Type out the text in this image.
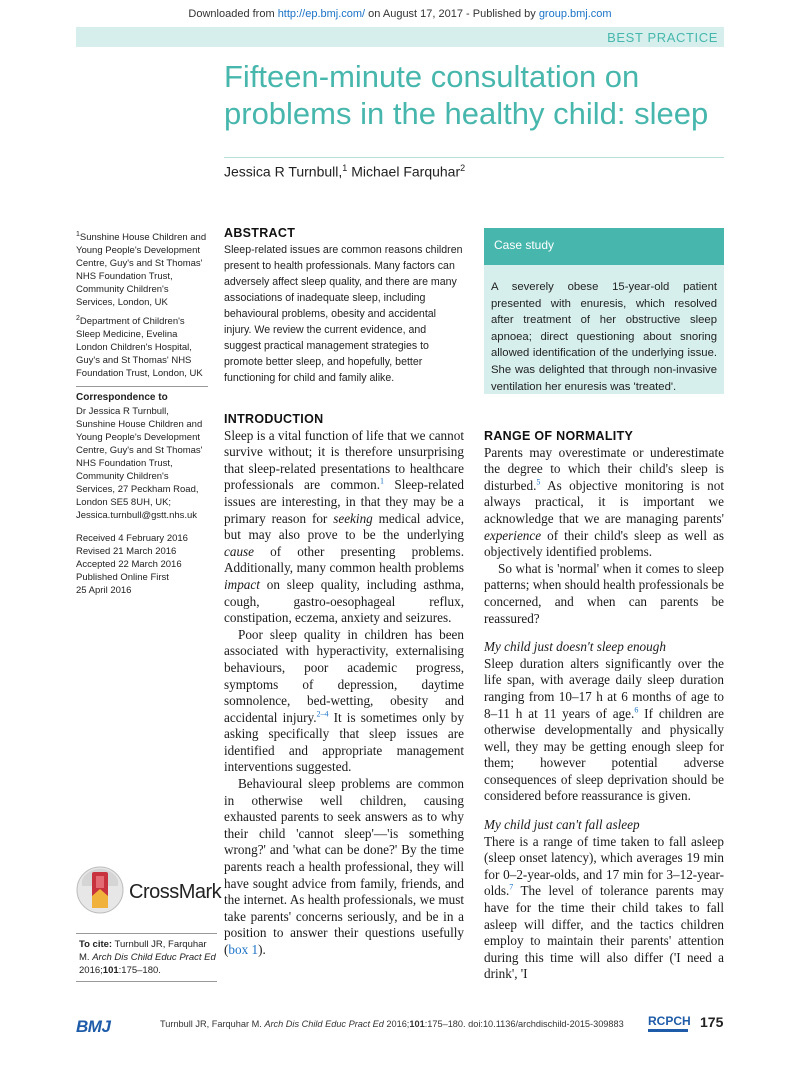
Downloaded from http://ep.bmj.com/ on August 17, 2017 - Published by group.bmj.com
BEST PRACTICE
Fifteen-minute consultation on problems in the healthy child: sleep
Jessica R Turnbull,$^1$ Michael Farquhar$^2$

$^1$Sunshine House Children and Young People's Development Centre, Guy's and St Thomas' NHS Foundation Trust, Community Children's Services, London, UK

$^2$Department of Children's Sleep Medicine, Evelina London Children's Hospital, Guy's and St Thomas' NHS Foundation Trust, London, UK

Correspondence to

Dr Jessica R Turnbull, Sunshine House Children and Young People's Development Centre, Guy's and St Thomas' NHS Foundation Trust, Community Children's Services, 27 Peckham Road, London SE5 8UH, UK; Jessica.turnbull@gstt.nhs.uk

Received 4 February 2016
Revised 21 March 2016
Accepted 22 March 2016
Published Online First
25 April 2016
CrossMark
To cite: Turnbull JR, Farquhar M. Arch Dis Child Educ Pract Ed 2016;101:175–180.
ABSTRACT
Sleep-related issues are common reasons children present to health professionals. Many factors can adversely affect sleep quality, and there are many associations of inadequate sleep, including behavioural problems, obesity and accidental injury. We review the current evidence, and suggest practical management strategies to promote better sleep, and hopefully, better functioning for child and family alike.
Case study
A severely obese 15-year-old patient presented with enuresis, which resolved after treatment of her obstructive sleep apnoea; direct questioning about snoring allowed identification of the underlying issue. She was delighted that through non-invasive ventilation her enuresis was 'treated'.
INTRODUCTION

Sleep is a vital function of life that we cannot survive without; it is therefore unsurprising that sleep-related presentations to healthcare professionals are common.$^1$ Sleep-related issues are interesting, in that they may be a primary reason for seeking medical advice, but may also prove to be the underlying cause of other presenting problems. Additionally, many common health problems impact on sleep quality, including asthma, cough, gastro-oesophageal reflux, constipation, eczema, anxiety and seizures.

Poor sleep quality in children has been associated with hyperactivity, externalising behaviours, poor academic progress, symptoms of depression, daytime somnolence, bed-wetting, obesity and accidental injury.$^{2-4}$ It is sometimes only by asking specifically that sleep issues are identified and appropriate management interventions suggested.

Behavioural sleep problems are common in otherwise well children, causing exhausted parents to seek answers as to why their child 'cannot sleep'—'is something wrong?' and 'what can be done?' By the time parents reach a health professional, they will have sought advice from family, friends, and the internet. As health professionals, we must take parents' concerns seriously, and be in a position to answer their questions usefully (box 1).

RANGE OF NORMALITY

Parents may overestimate or underestimate the degree to which their child's sleep is disturbed.$^5$ As objective monitoring is not always practical, it is important we acknowledge that we are managing parents' experience of their child's sleep as well as objectively identified problems.

So what is 'normal' when it comes to sleep patterns; when should health professionals be concerned, and when can parents be reassured?

My child just doesn't sleep enough

Sleep duration alters significantly over the life span, with average daily sleep duration ranging from 10–17 h at 6 months of age to 8–11 h at 11 years of age.$^6$ If children are otherwise developmentally and physically well, they may be getting enough sleep for them; however potential adverse consequences of sleep deprivation should be considered before reassurance is given.

My child just can't fall asleep

There is a range of time taken to fall asleep (sleep onset latency), which averages 19 min for 0–2-year-olds, and 17 min for 3–12-year-olds.$^7$ The level of tolerance parents may have for the time their child takes to fall asleep will differ, and the tactics children employ to maintain their parents' attention during this time will also differ ('I need a drink', 'I

BMJ	Turnbull JR, Farquhar M. Arch Dis Child Educ Pract Ed 2016;101:175–180. doi:10.1136/archdischild-2015-309883 RCPCH 175
